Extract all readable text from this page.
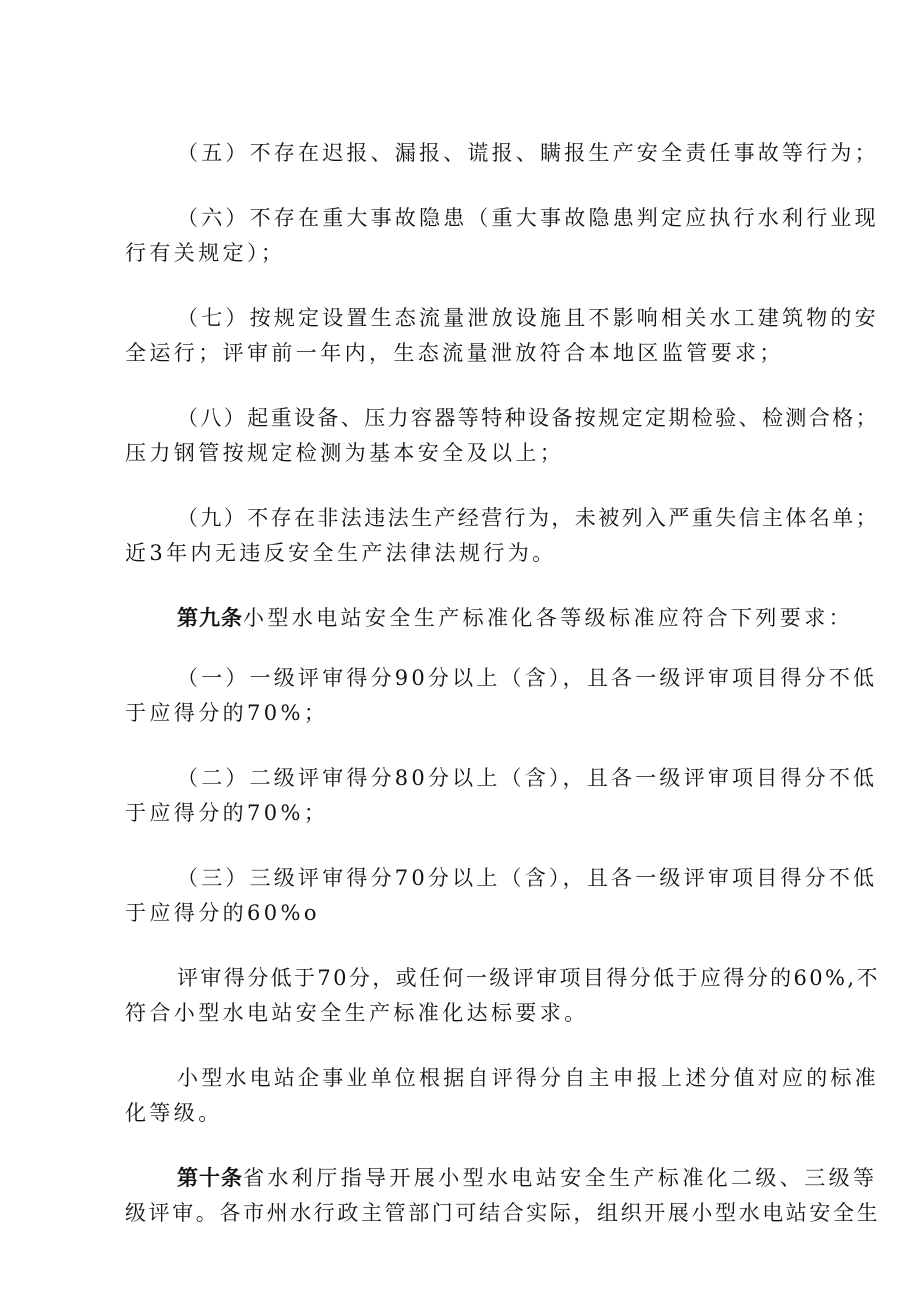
（五）不存在迟报、漏报、谎报、瞒报生产安全责任事故等行为；

（六）不存在重大事故隐患（重大事故隐患判定应执行水利行业现

行有关规定）；

（七）按规定设置生态流量泄放设施且不影响相关水工建筑物的安

全运行；评审前一年内，生态流量泄放符合本地区监管要求；

（八）起重设备、压力容器等特种设备按规定定期检验、检测合格；

压力钢管按规定检测为基本安全及以上；

（九）不存在非法违法生产经营行为，未被列入严重失信主体名单；

近3年内无违反安全生产法律法规行为。

第九条小型水电站安全生产标准化各等级标准应符合下列要求：

（一）一级评审得分90分以上（含），且各一级评审项目得分不低

于应得分的70%；

（二）二级评审得分80分以上（含），且各一级评审项目得分不低

于应得分的70%；

（三）三级评审得分70分以上（含），且各一级评审项目得分不低

于应得分的60%o

评审得分低于70分，或任何一级评审项目得分低于应得分的60%,不

符合小型水电站安全生产标准化达标要求。

小型水电站企事业单位根据自评得分自主申报上述分值对应的标准

化等级。

第十条省水利厅指导开展小型水电站安全生产标准化二级、三级等

级评审。各市州水行政主管部门可结合实际，组织开展小型水电站安全生
